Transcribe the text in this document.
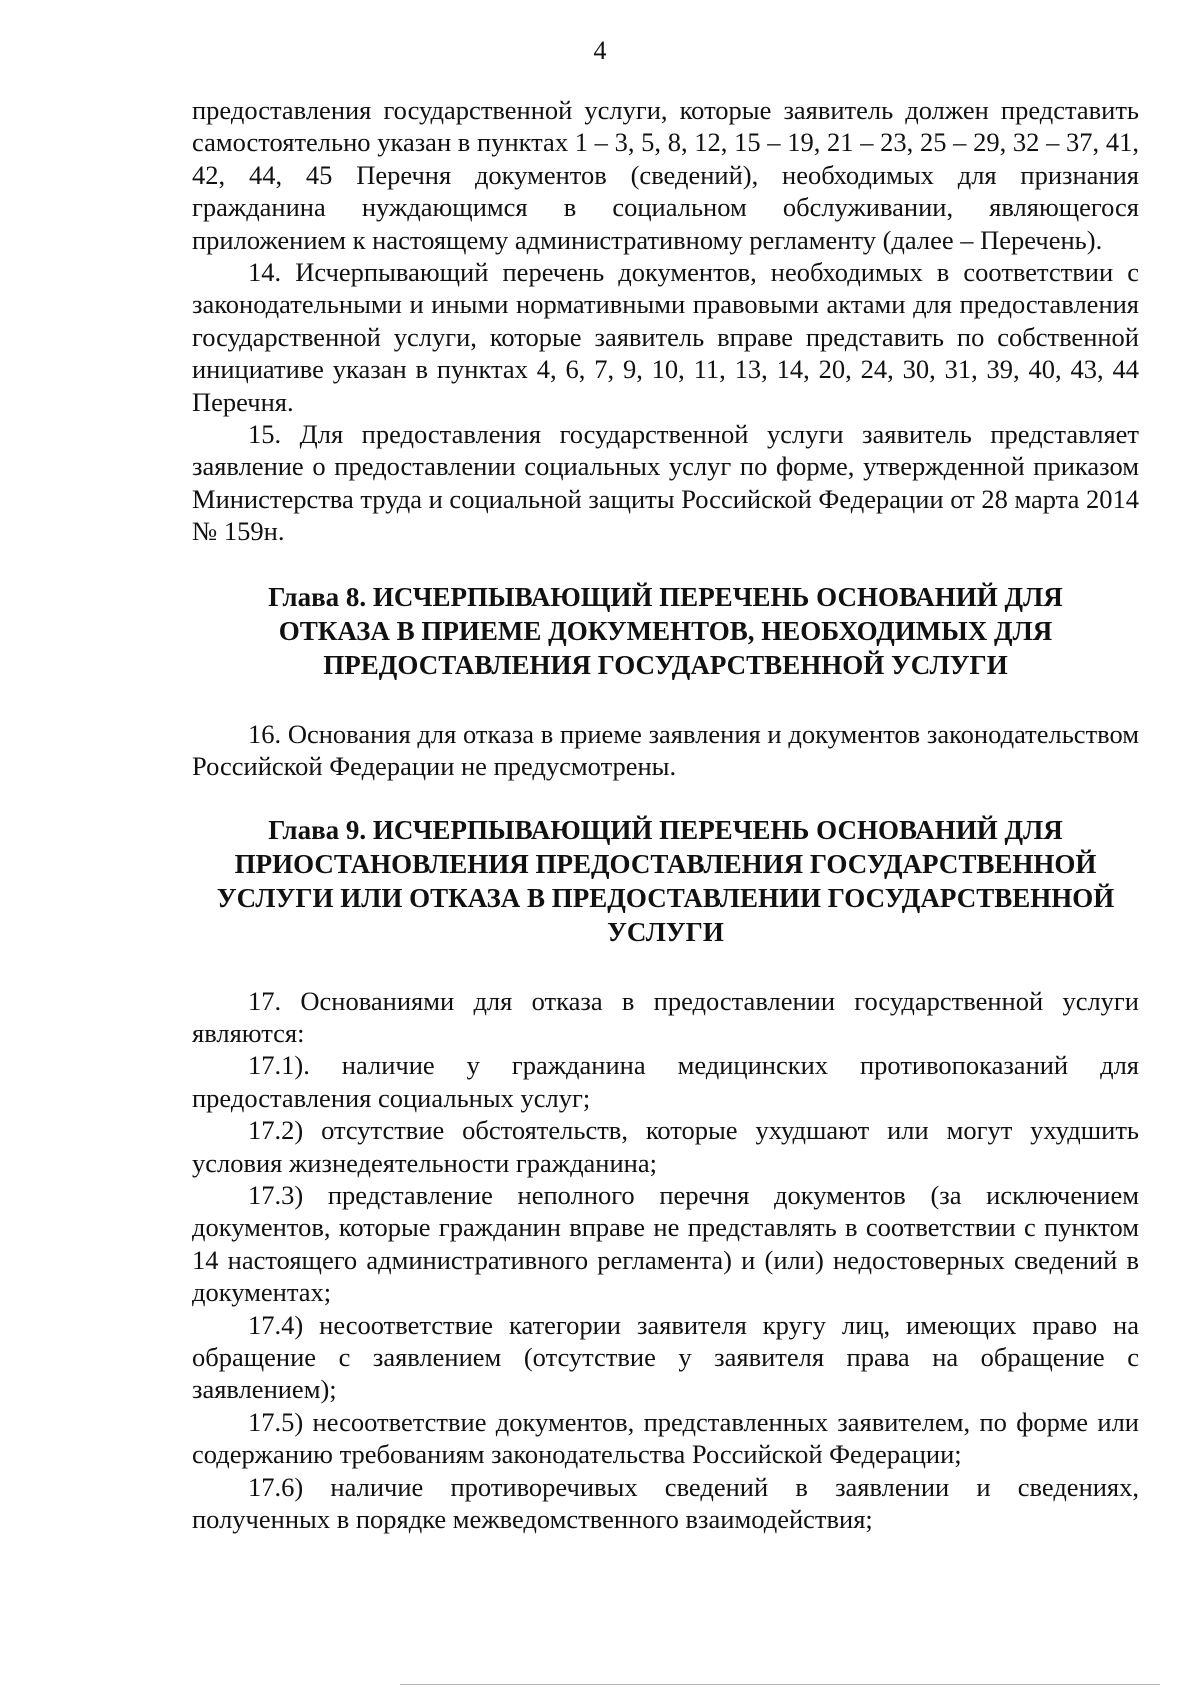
4

предоставления государственной услуги, которые заявитель должен представить самостоятельно указан в пунктах 1 – 3, 5, 8, 12, 15 – 19, 21 – 23, 25 – 29, 32 – 37, 41, 42, 44, 45 Перечня документов (сведений), необходимых для признания гражданина нуждающимся в социальном обслуживании, являющегося приложением к настоящему административному регламенту (далее – Перечень).

14. Исчерпывающий перечень документов, необходимых в соответствии с законодательными и иными нормативными правовыми актами для предоставления государственной услуги, которые заявитель вправе представить по собственной инициативе указан в пунктах 4, 6, 7, 9, 10, 11, 13, 14, 20, 24, 30, 31, 39, 40, 43, 44 Перечня.

15. Для предоставления государственной услуги заявитель представляет заявление о предоставлении социальных услуг по форме, утвержденной приказом Министерства труда и социальной защиты Российской Федерации от 28 марта 2014 № 159н.

Глава 8. ИСЧЕРПЫВАЮЩИЙ ПЕРЕЧЕНЬ ОСНОВАНИЙ ДЛЯ ОТКАЗА В ПРИЕМЕ ДОКУМЕНТОВ, НЕОБХОДИМЫХ ДЛЯ ПРЕДОСТАВЛЕНИЯ ГОСУДАРСТВЕННОЙ УСЛУГИ

16. Основания для отказа в приеме заявления и документов законодательством Российской Федерации не предусмотрены.

Глава 9. ИСЧЕРПЫВАЮЩИЙ ПЕРЕЧЕНЬ ОСНОВАНИЙ ДЛЯ ПРИОСТАНОВЛЕНИЯ ПРЕДОСТАВЛЕНИЯ ГОСУДАРСТВЕННОЙ УСЛУГИ ИЛИ ОТКАЗА В ПРЕДОСТАВЛЕНИИ ГОСУДАРСТВЕННОЙ УСЛУГИ

17. Основаниями для отказа в предоставлении государственной услуги являются:

17.1). наличие у гражданина медицинских противопоказаний для предоставления социальных услуг;

17.2) отсутствие обстоятельств, которые ухудшают или могут ухудшить условия жизнедеятельности гражданина;

17.3) представление неполного перечня документов (за исключением документов, которые гражданин вправе не представлять в соответствии с пунктом 14 настоящего административного регламента) и (или) недостоверных сведений в документах;

17.4) несоответствие категории заявителя кругу лиц, имеющих право на обращение с заявлением (отсутствие у заявителя права на обращение с заявлением);

17.5) несоответствие документов, представленных заявителем, по форме или содержанию требованиям законодательства Российской Федерации;

17.6) наличие противоречивых сведений в заявлении и сведениях, полученных в порядке межведомственного взаимодействия;
